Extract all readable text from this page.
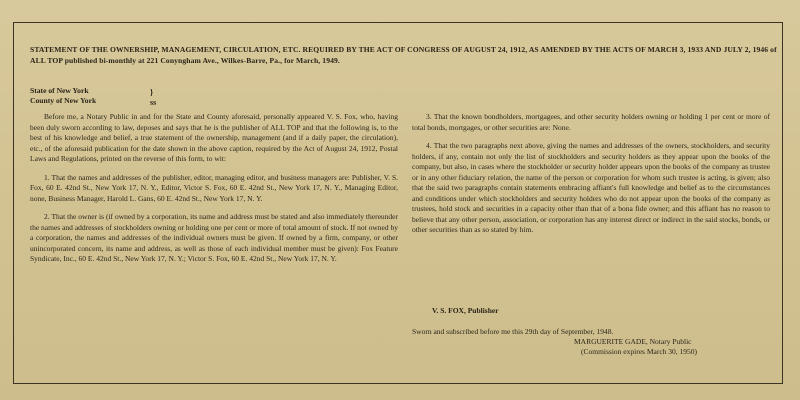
STATEMENT OF THE OWNERSHIP, MANAGEMENT, CIRCULATION, ETC. REQUIRED BY THE ACT OF CONGRESS OF AUGUST 24, 1912, AS AMENDED BY THE ACTS OF MARCH 3, 1933 AND JULY 2, 1946 of ALL TOP published bi-monthly at 221 Conyngham Ave., Wilkes-Barre, Pa., for March, 1949.

State of New York
County of New York
} ss

Before me, a Notary Public in and for the State and County aforesaid, personally appeared V. S. Fox, who, having been duly sworn according to law, deposes and says that he is the publisher of ALL TOP and that the following is, to the best of his knowledge and belief, a true statement of the ownership, management (and if a daily paper, the circulation), etc., of the aforesaid publication for the date shown in the above caption, required by the Act of August 24, 1912, Postal Laws and Regulations, printed on the reverse of this form, to wit:

1. That the names and addresses of the publisher, editor, managing editor, and business managers are: Publisher, V. S. Fox, 60 E. 42nd St., New York 17, N. Y., Editor, Victor S. Fox, 60 E. 42nd St., New York 17, N. Y., Managing Editor, none, Business Manager, Harold L. Gans, 60 E. 42nd St., New York 17, N. Y.

2. That the owner is (if owned by a corporation, its name and address must be stated and also immediately thereunder the names and addresses of stockholders owning or holding one per cent or more of total amount of stock. If not owned by a corporation, the names and addresses of the individual owners must be given. If owned by a firm, company, or other unincorporated concern, its name and address, as well as those of each individual member must be given): Fox Feature Syndicate, Inc., 60 E. 42nd St., New York 17, N. Y.; Victor S. Fox, 60 E. 42nd St., New York 17, N. Y.

3. That the known bondholders, mortgagees, and other security holders owning or holding 1 per cent or more of total bonds, mortgages, or other securities are: None.

4. That the two paragraphs next above, giving the names and addresses of the owners, stockholders, and security holders, if any, contain not only the list of stockholders and security holders as they appear upon the books of the company, but also, in cases where the stockholder or security holder appears upon the books of the company as trustee or in any other fiduciary relation, the name of the person or corporation for whom such trustee is acting, is given; also that the said two paragraphs contain statements embracing affiant's full knowledge and belief as to the circumstances and conditions under which stockholders and security holders who do not appear upon the books of the company as trustees, hold stock and securities in a capacity other than that of a bona fide owner; and this affiant has no reason to believe that any other person, association, or corporation has any interest direct or indirect in the said stocks, bonds, or other securities than as so stated by him.

V. S. FOX, Publisher
Sworn and subscribed before me this 29th day of September, 1948.
MARGUERITE GADE, Notary Public
(Commission expires March 30, 1950)
